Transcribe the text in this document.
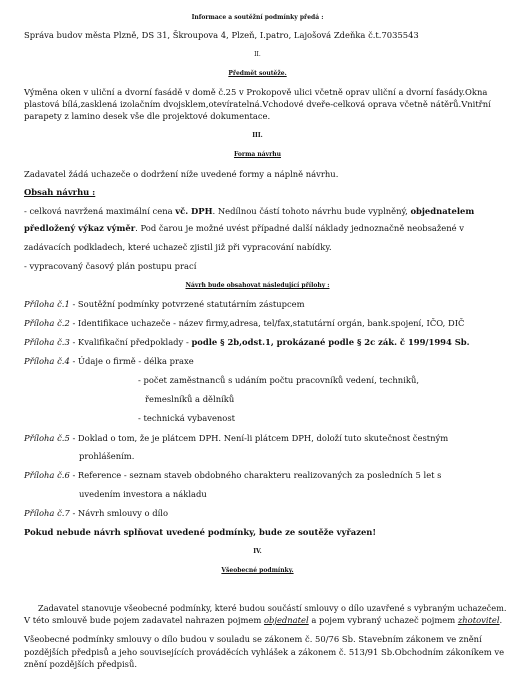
Informace a soutěžní podmínky předá :
Správa budov města Plzně, DS 31, Škroupova 4, Plzeň, I.patro, Lajošová Zdeňka č.t.7035543
II.
Předmět soutěže.
Výměna oken v uliční a dvorní fasádě v domě č.25 v Prokopově ulici včetně oprav uliční a dvorní fasády.Okna
plastová bílá,zasklená izolačním dvojsklem,otevíratelná.Vchodové dveře-celková oprava včetně nátěrů.Vnitřní
parapety z lamino desek vše dle projektové dokumentace.
III.
Forma návrhu
Zadavatel žádá uchazeče o dodržení níže uvedené formy a náplně návrhu.
Obsah návrhu :
- celková navržená maximální cena vč. DPH. Nedílnou částí tohoto návrhu bude vyplněný, objednatelem
předložený výkaz výměr. Pod čarou je možné uvést případné další náklady jednoznačně neobsažené v
zadávacích podkladech, které uchazeč zjistil již při vypracování nabídky.
- vypracovaný časový plán postupu prací
Návrh bude obsahovat následující přílohy :
Příloha č.1 - Soutěžní podmínky potvrzené statutárním zástupcem
Příloha č.2 - Identifikace uchazeče - název firmy,adresa, tel/fax,statutární orgán, bank.spojení, IČO, DIČ
Příloha č.3 - Kvalifikační předpoklady - podle § 2b,odst.1, prokázané podle § 2c zák. č 199/1994 Sb.
Příloha č.4 - Údaje o firmě - délka praxe
- počet zaměstnanců s udáním počtu pracovníků vedení, techniků,
řemeslníků a dělníků
- technická vybavenost
Příloha č.5 - Doklad o tom, že je plátcem DPH. Není-li plátcem DPH, doloží tuto skutečnost čestným
prohlášením.
Příloha č.6 - Reference - seznam staveb obdobného charakteru realizovaných za posledních 5 let s
uvedením investora a nákladu
Příloha č.7 - Návrh smlouvy o dílo
Pokud nebude návrh splňovat uvedené podmínky, bude ze soutěže vyřazen!
IV.
Všeobecné podmínky.
Zadavatel stanovuje všeobecné podmínky, které budou součástí smlouvy o dílo uzavřené s vybraným uchazečem.
V této smlouvě bude pojem zadavatel nahrazen pojmem objednatel a pojem vybraný uchazeč pojmem zhotovitel.
Všeobecné podmínky smlouvy o dílo budou v souladu se zákonem č. 50/76 Sb. Stavebním zákonem ve znění
pozdějších předpisů a jeho souvisejících prováděcích vyhlášek a zákonem č. 513/91 Sb.Obchodním zákoníkem ve
znění pozdějších předpisů.
